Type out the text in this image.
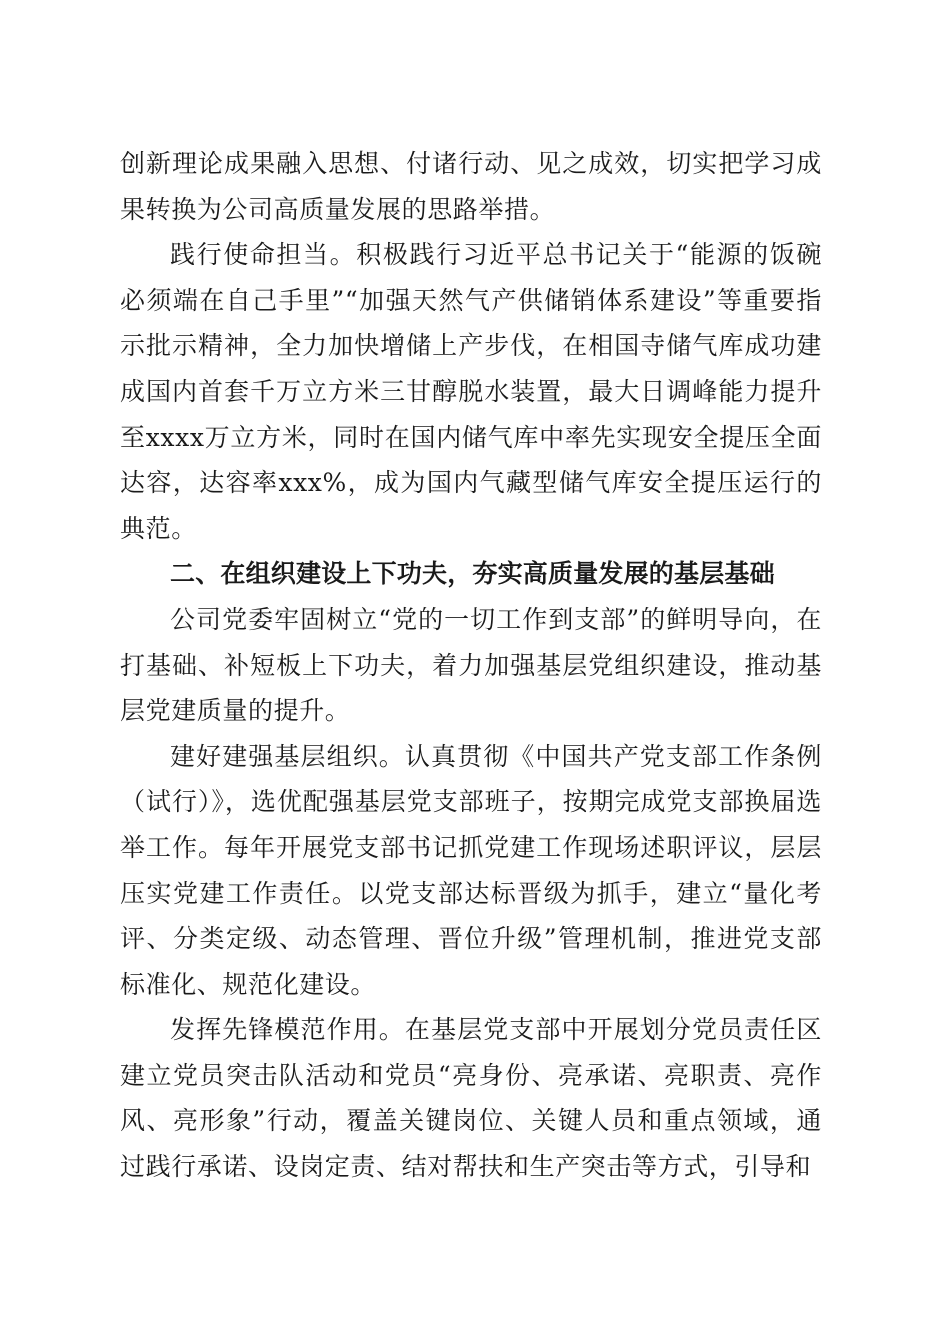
创新理论成果融入思想、付诸行动、见之成效，切实把学习成果转换为公司高质量发展的思路举措。

践行使命担当。积极践行习近平总书记关于“能源的饭碗必须端在自己手里”“加强天然气产供储销体系建设”等重要指示批示精神，全力加快增储上产步伐，在相国寺储气库成功建成国内首套千万立方米三甘醇脱水装置，最大日调峰能力提升至xxxx万立方米，同时在国内储气库中率先实现安全提压全面达容，达容率xxx%，成为国内气藏型储气库安全提压运行的典范。

二、在组织建设上下功夫，夯实高质量发展的基层基础

公司党委牢固树立“党的一切工作到支部”的鲜明导向，在打基础、补短板上下功夫，着力加强基层党组织建设，推动基层党建质量的提升。

建好建强基层组织。认真贯彻《中国共产党支部工作条例（试行）》，选优配强基层党支部班子，按期完成党支部换届选举工作。每年开展党支部书记抓党建工作现场述职评议，层层压实党建工作责任。以党支部达标晋级为抓手，建立“量化考评、分类定级、动态管理、晋位升级”管理机制，推进党支部标准化、规范化建设。

发挥先锋模范作用。在基层党支部中开展划分党员责任区建立党员突击队活动和党员“亮身份、亮承诺、亮职责、亮作风、亮形象”行动，覆盖关键岗位、关键人员和重点领域，通过践行承诺、设岗定责、结对帮扶和生产突击等方式，引导和
